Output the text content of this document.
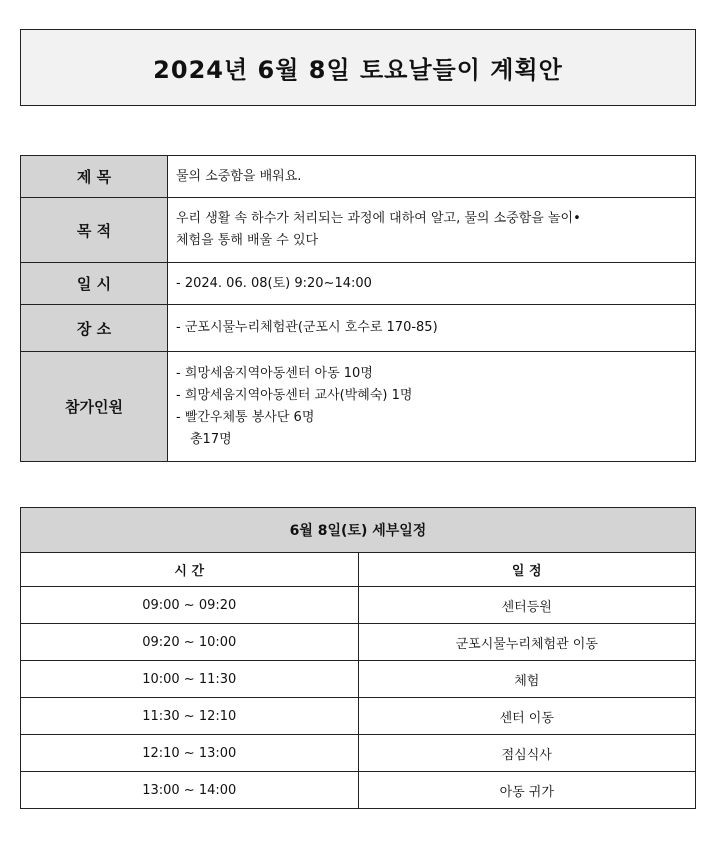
2024년 6월 8일 토요날들이 계획안
제 목	물의 소중함을 배워요.

목 적	우리 생활 속 하수가 처리되는 과정에 대하여 알고, 물의 소중함을 놀이•
체험을 통해 배울 수 있다

일 시	- 2024. 06. 08(토) 9:20~14:00

장 소	- 군포시물누리체험관(군포시 호수로 170-85)

참가인원	- 희망세움지역아동센터 아동 10명
- 희망세움지역아동센터 교사(박혜숙) 1명
- 빨간우체통 봉사단 6명
총17명
6월 8일(토) 세부일정	
시 간	일 정
09:00 ~ 09:20	센터등원
09:20 ~ 10:00	군포시물누리체험관 이동
10:00 ~ 11:30	체험
11:30 ~ 12:10	센터 이동
12:10 ~ 13:00	점심식사
13:00 ~ 14:00	아동 귀가
